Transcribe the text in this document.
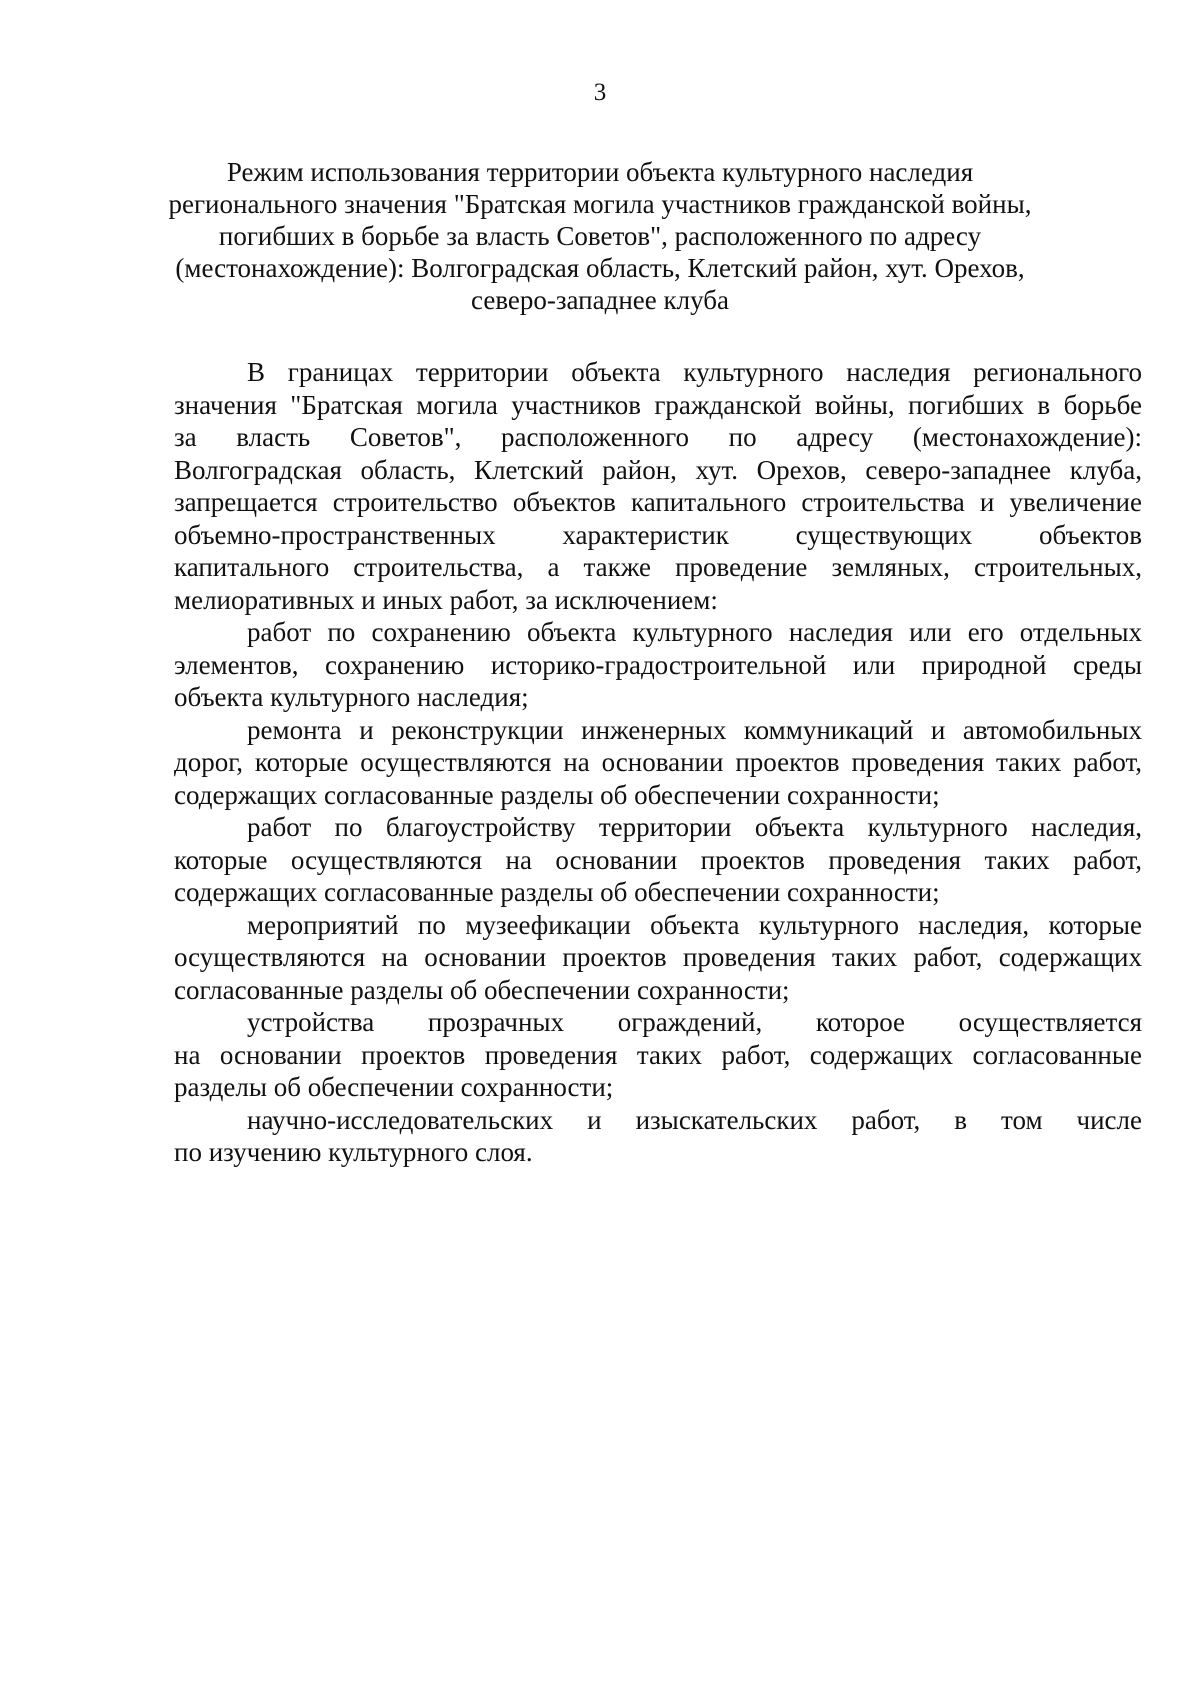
3
Режим использования территории объекта культурного наследия
регионального значения "Братская могила участников гражданской войны,
погибших в борьбе за власть Советов", расположенного по адресу
(местонахождение): Волгоградская область, Клетский район, хут. Орехов,
северо-западнее клуба
В границах территории объекта культурного наследия регионального
значения "Братская могила участников гражданской войны, погибших в борьбе
за власть Советов", расположенного по адресу (местонахождение):
Волгоградская область, Клетский район, хут. Орехов, северо-западнее клуба,
запрещается строительство объектов капитального строительства и увеличение
объемно-пространственных характеристик существующих объектов
капитального строительства, а также проведение земляных, строительных,
мелиоративных и иных работ, за исключением:
работ по сохранению объекта культурного наследия или его отдельных
элементов, сохранению историко-градостроительной или природной среды
объекта культурного наследия;
ремонта и реконструкции инженерных коммуникаций и автомобильных
дорог, которые осуществляются на основании проектов проведения таких работ,
содержащих согласованные разделы об обеспечении сохранности;
работ по благоустройству территории объекта культурного наследия,
которые осуществляются на основании проектов проведения таких работ,
содержащих согласованные разделы об обеспечении сохранности;
мероприятий по музеефикации объекта культурного наследия, которые
осуществляются на основании проектов проведения таких работ, содержащих
согласованные разделы об обеспечении сохранности;
устройства прозрачных ограждений, которое осуществляется
на основании проектов проведения таких работ, содержащих согласованные
разделы об обеспечении сохранности;
научно-исследовательских и изыскательских работ, в том числе
по изучению культурного слоя.
